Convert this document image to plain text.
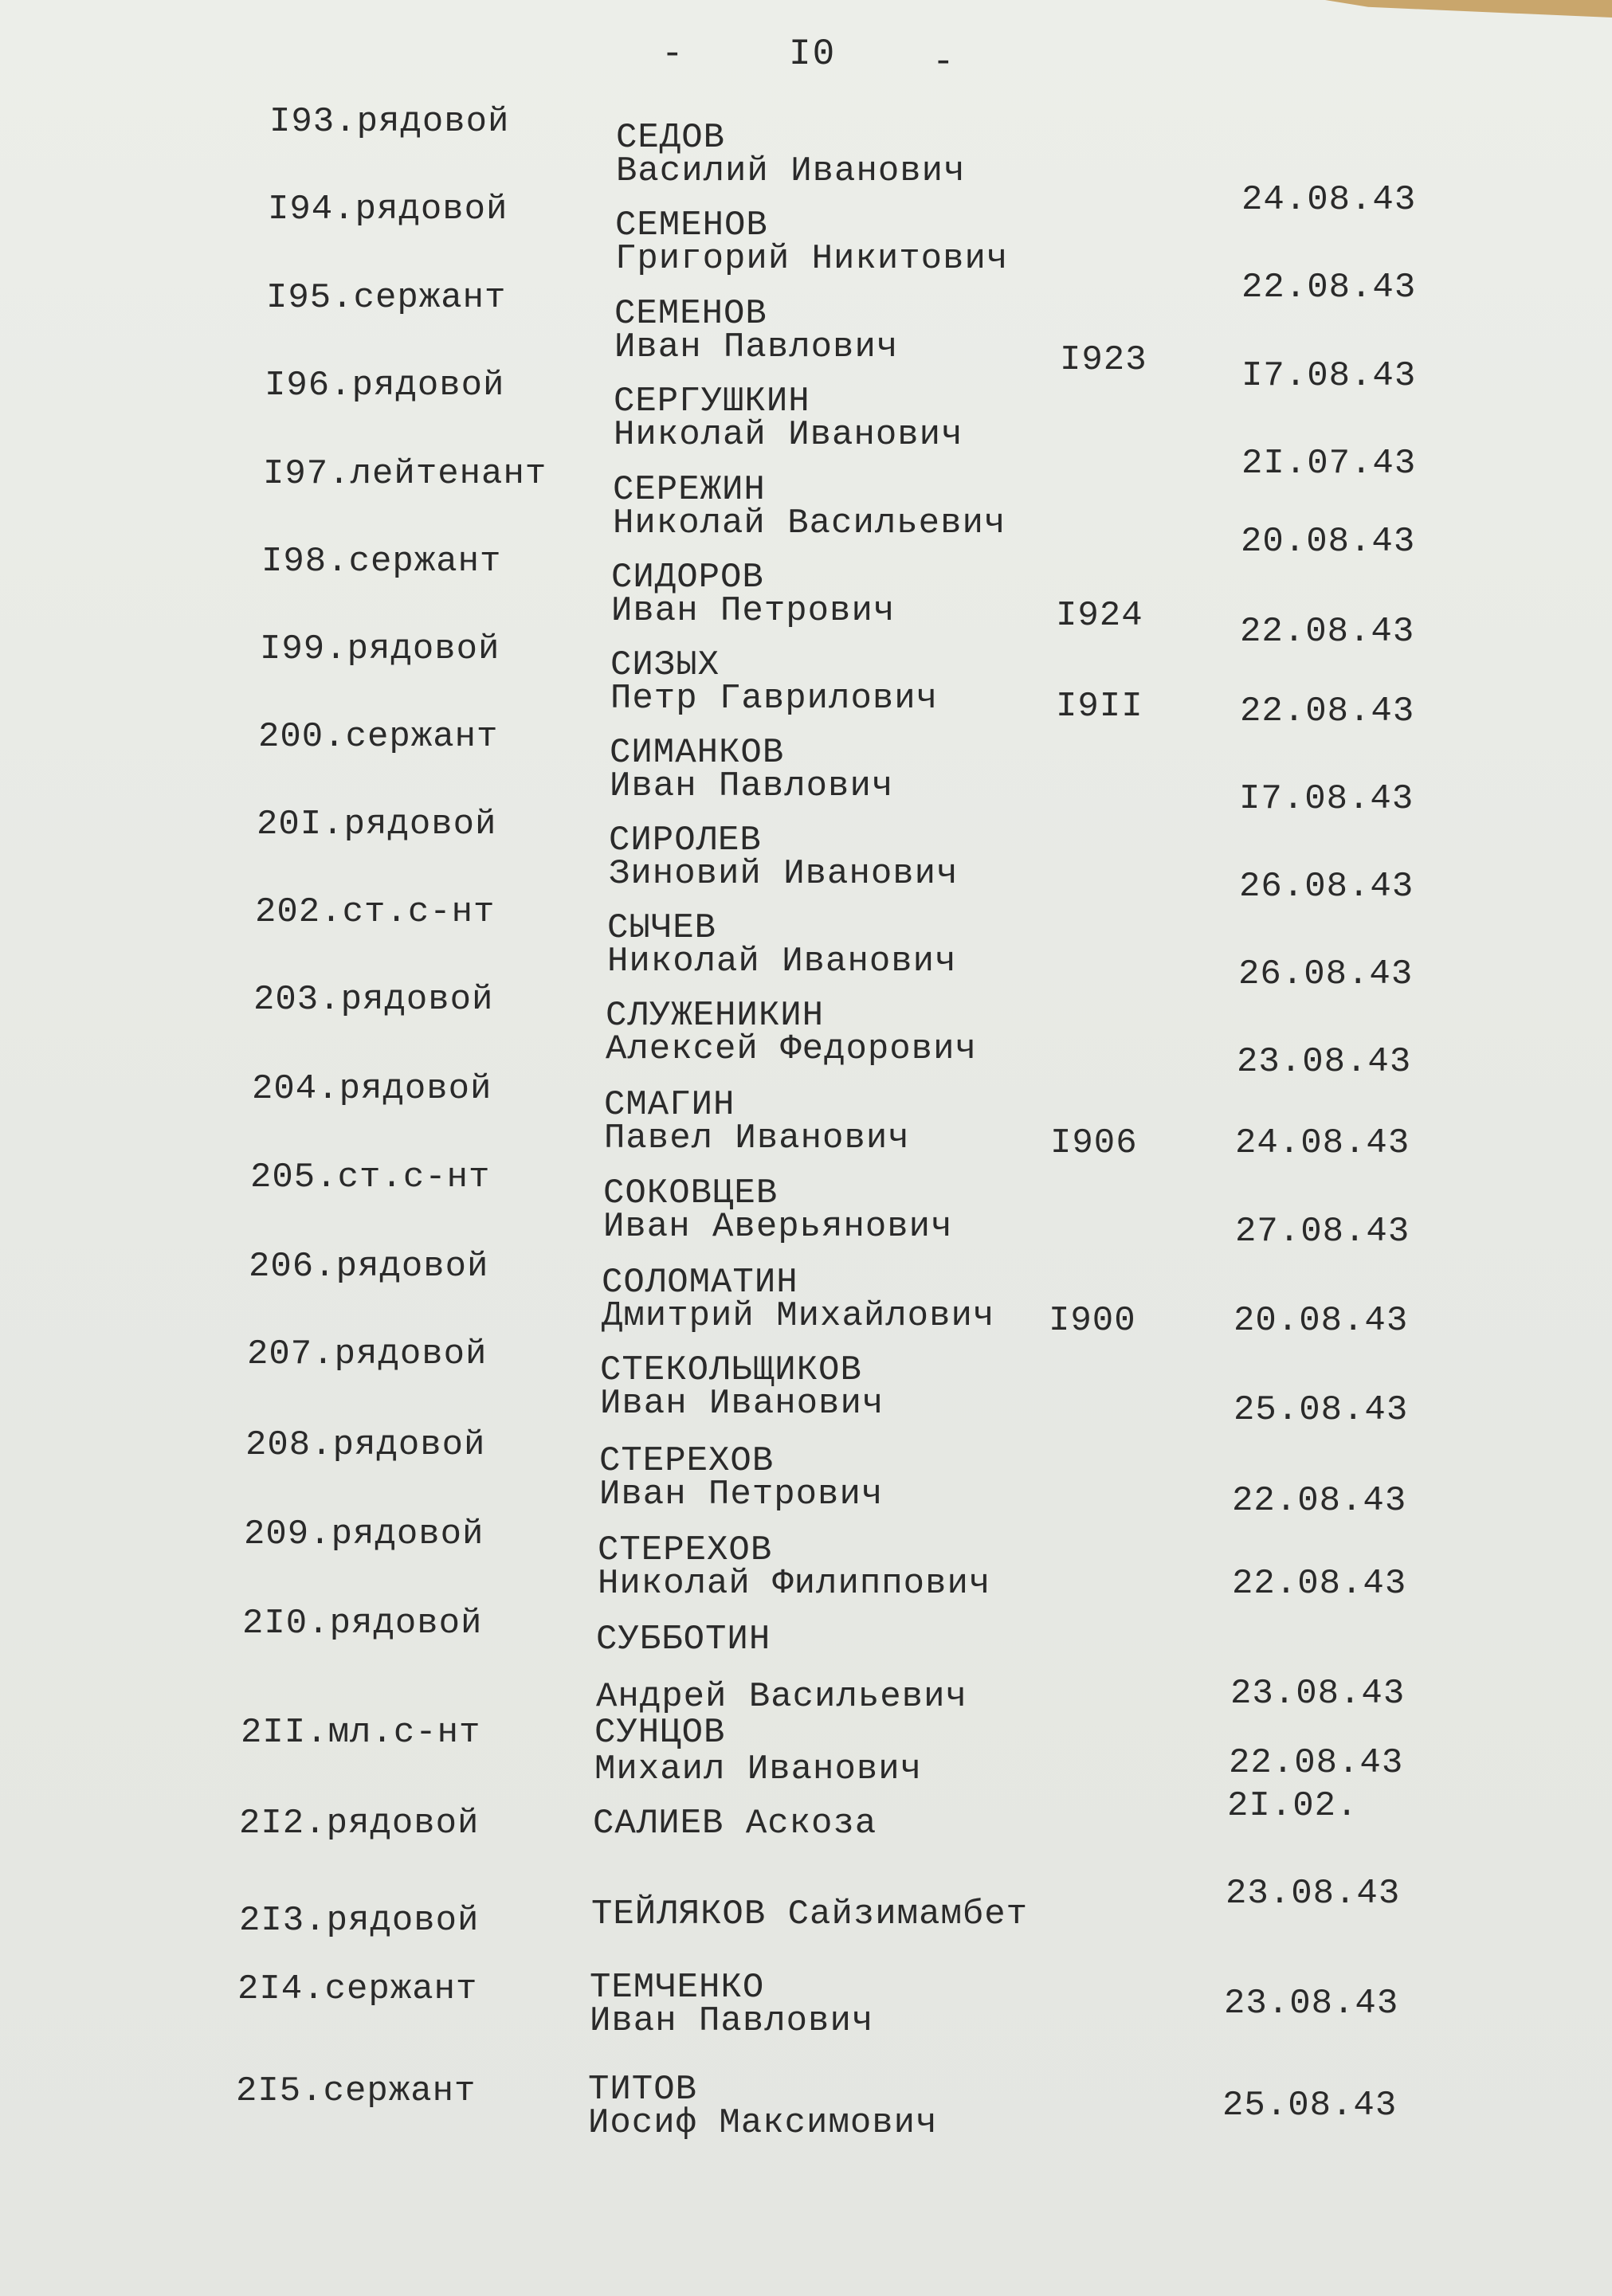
-	I0	-
I93.рядовой	СЕДОВ
Василий Иванович
24.08.43
I94.рядовой	СЕМЕНОВ
Григорий Никитович
22.08.43
I95.сержант	СЕМЕНОВ
Иван Павлович	I923	I7.08.43
I96.рядовой	СЕРГУШКИН
Николай Иванович
2I.07.43
I97.лейтенант СЕРЕЖИН
Николай Васильевич	20.08.43
I98.сержант	СИДОРОВ
Иван Петрович	I924	22.08.43
I99.рядовой	СИЗЫХ
Петр Гаврилович	I9II	22.08.43
200.сержант	СИМАНКОВ
Иван Павлович	I7.08.43
20I.рядовой	СИРОЛЕВ
Зиновий Иванович	26.08.43
202.ст.с-нт	СЫЧЕВ
Николай Иванович	26.08.43
203.рядовой	СЛУЖЕНИКИН
Алексей Федорович	23.08.43
204.рядовой	СМАГИН
Павел Иванович	I906	24.08.43
205.ст.с-нт	СОКОВЦЕВ
Иван Аверьянович	27.08.43
206.рядовой	СОЛОМАТИН
Дмитрий Михайлович I900	20.08.43
207.рядовой	СТЕКОЛЬЩИКОВ
Иван Иванович	25.08.43
208.рядовой	СТЕРЕХОВ
Иван Петрович	22.08.43
209.рядовой	СТЕРЕХОВ
Николай Филиппович	22.08.43
2I0.рядовой	СУББОТИН
Андрей Васильевич	23.08.43
2II.мл.с-нт	СУНЦОВ
Михаил Иванович	22.08.43
2I2.рядовой	САЛИЕВ Аскоза	2I.02.
2I3.рядовой	ТЕЙЛЯКОВ Сайзимамбет
23.08.43
2I4.сержант	ТЕМЧЕНКО
Иван Павлович	23.08.43
2I5.сержант	ТИТОВ
Иосиф Максимович	25.08.43
